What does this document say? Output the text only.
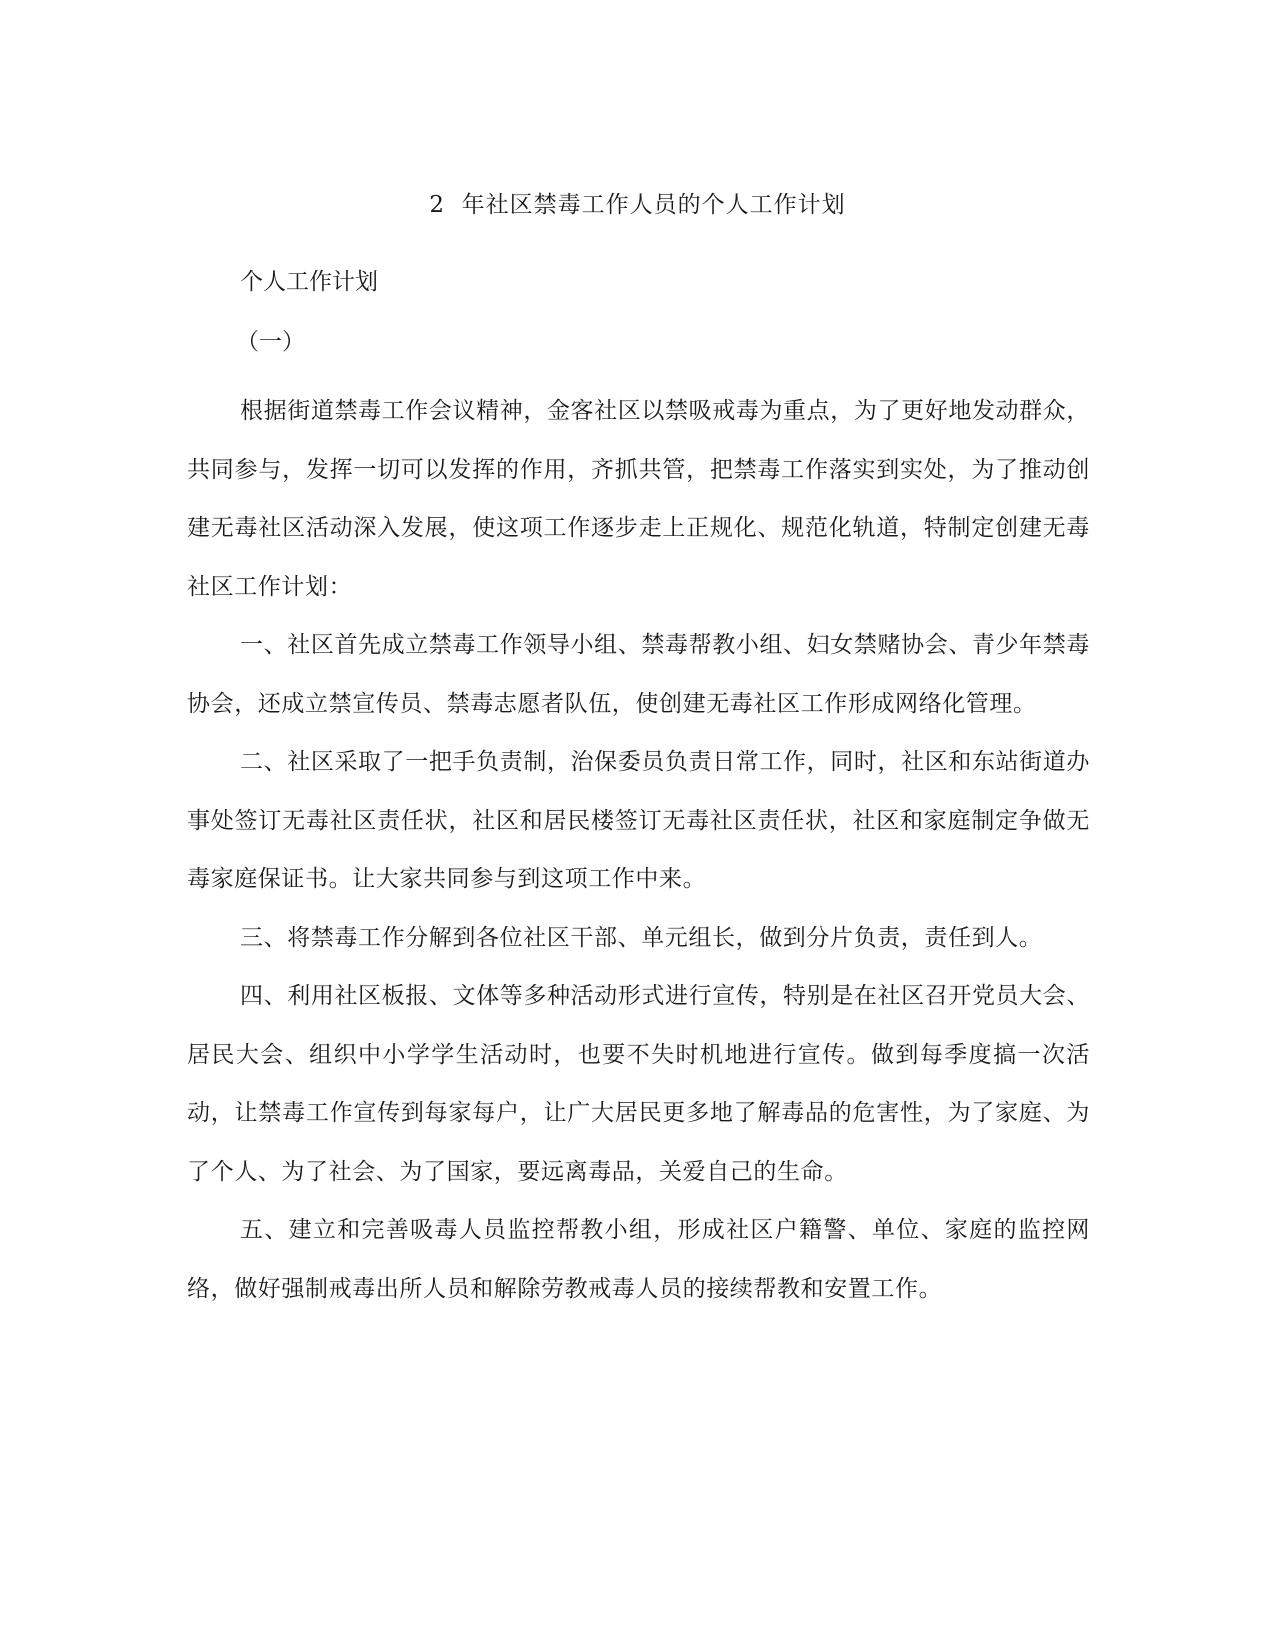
2  年社区禁毒工作人员的个人工作计划
个人工作计划
（一）

根据街道禁毒工作会议精神，金客社区以禁吸戒毒为重点，为了更好地发动群众，共同参与，发挥一切可以发挥的作用，齐抓共管，把禁毒工作落实到实处，为了推动创建无毒社区活动深入发展，使这项工作逐步走上正规化、规范化轨道，特制定创建无毒社区工作计划：

一、社区首先成立禁毒工作领导小组、禁毒帮教小组、妇女禁赌协会、青少年禁毒协会，还成立禁宣传员、禁毒志愿者队伍，使创建无毒社区工作形成网络化管理。

二、社区采取了一把手负责制，治保委员负责日常工作，同时，社区和东站街道办事处签订无毒社区责任状，社区和居民楼签订无毒社区责任状，社区和家庭制定争做无毒家庭保证书。让大家共同参与到这项工作中来。

三、将禁毒工作分解到各位社区干部、单元组长，做到分片负责，责任到人。

四、利用社区板报、文体等多种活动形式进行宣传，特别是在社区召开党员大会、居民大会、组织中小学学生活动时，也要不失时机地进行宣传。做到每季度搞一次活动，让禁毒工作宣传到每家每户，让广大居民更多地了解毒品的危害性，为了家庭、为了个人、为了社会、为了国家，要远离毒品，关爱自己的生命。

五、建立和完善吸毒人员监控帮教小组，形成社区户籍警、单位、家庭的监控网络，做好强制戒毒出所人员和解除劳教戒毒人员的接续帮教和安置工作。
